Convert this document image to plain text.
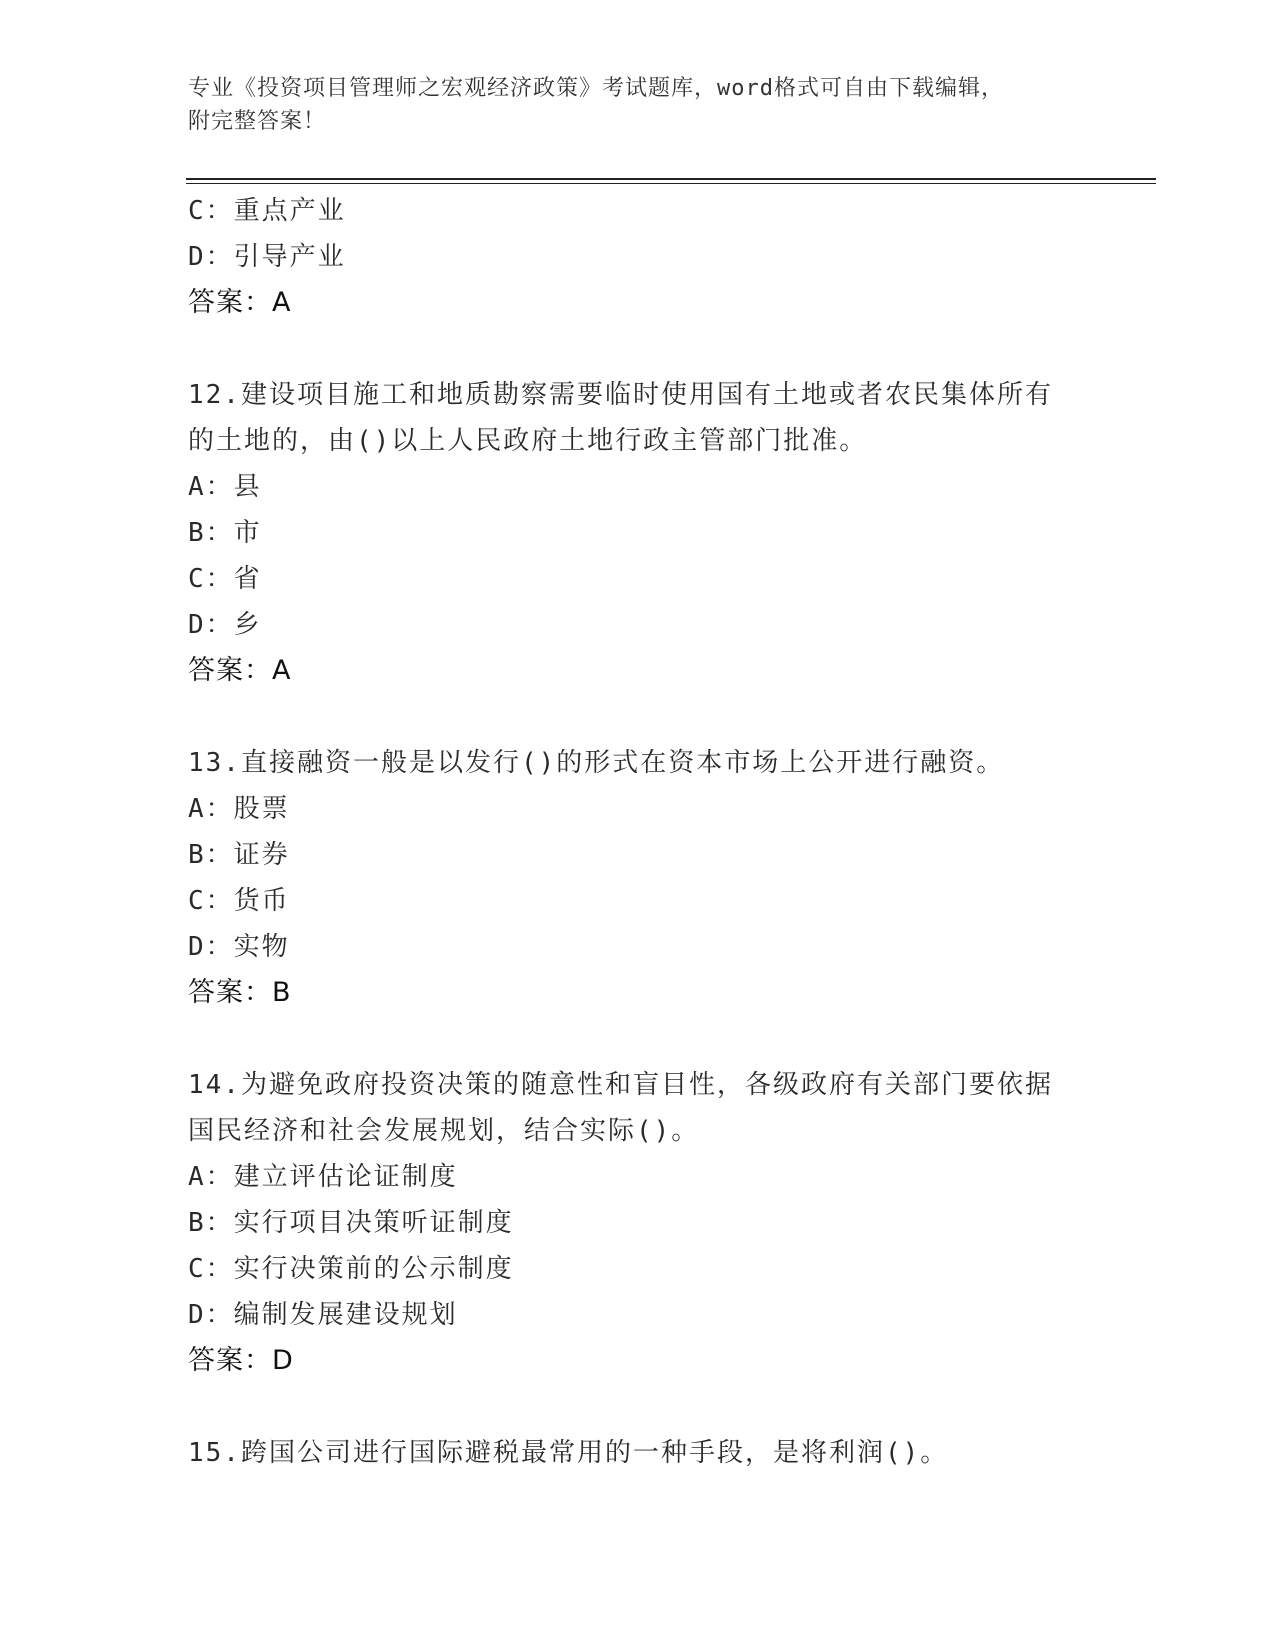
专业《投资项目管理师之宏观经济政策》考试题库，word格式可自由下载编辑，
附完整答案！
C：重点产业
D：引导产业
答案：A
12.建设项目施工和地质勘察需要临时使用国有土地或者农民集体所有
的土地的，由()以上人民政府土地行政主管部门批准。
A：县
B：市
C：省
D：乡
答案：A
13.直接融资一般是以发行()的形式在资本市场上公开进行融资。
A：股票
B：证券
C：货币
D：实物
答案：B
14.为避免政府投资决策的随意性和盲目性，各级政府有关部门要依据
国民经济和社会发展规划，结合实际()。
A：建立评估论证制度
B：实行项目决策听证制度
C：实行决策前的公示制度
D：编制发展建设规划
答案：D
15.跨国公司进行国际避税最常用的一种手段，是将利润()。
